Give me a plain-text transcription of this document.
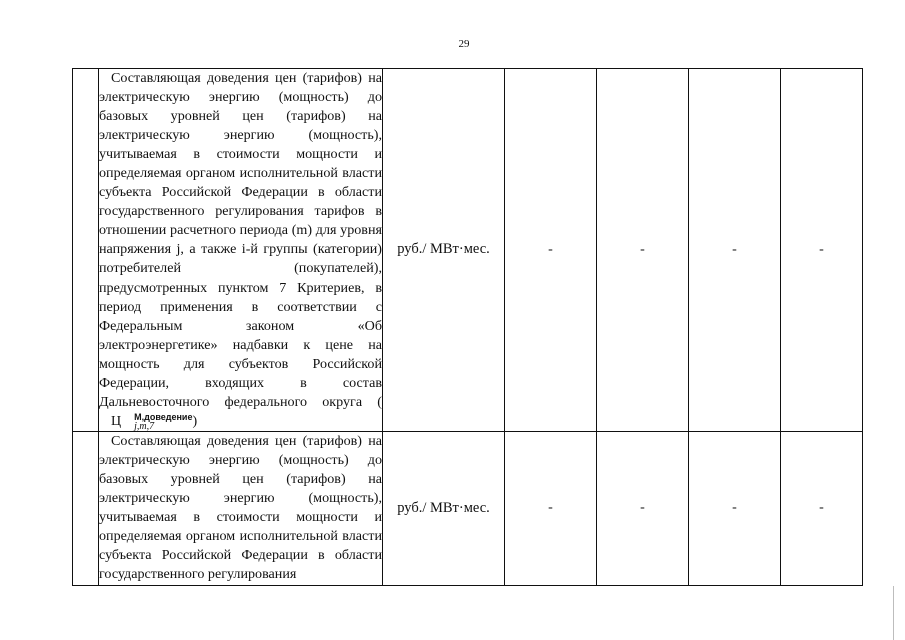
29

	Составляющая доведения цен (тарифов) на электрическую энергию (мощность) до базовых уровней цен (тарифов) на электрическую энергию (мощность), учитываемая в стоимости мощности и определяемая органом исполнительной власти субъекта Российской Федерации в области государственного регулирования тарифов в отношении расчетного периода (m) для уровня напряжения j, а также i-й группы (категории) потребителей (покупателей), предусмотренных пунктом 7 Критериев, в период применения в соответствии с Федеральным законом «Об электроэнергетике» надбавки к цене на мощность для субъектов Российской Федерации, входящих в состав Дальневосточного федерального округа (Ц М,доведение
j,m,7 )	руб./ МВт·мес.	-	-	-	-

	Составляющая доведения цен (тарифов) на электрическую энергию (мощность) до базовых уровней цен (тарифов) на электрическую энергию (мощность), учитываемая в стоимости мощности и определяемая органом исполнительной власти субъекта Российской Федерации в области государственного регулирования	руб./ МВт·мес.	-	-	-	-
